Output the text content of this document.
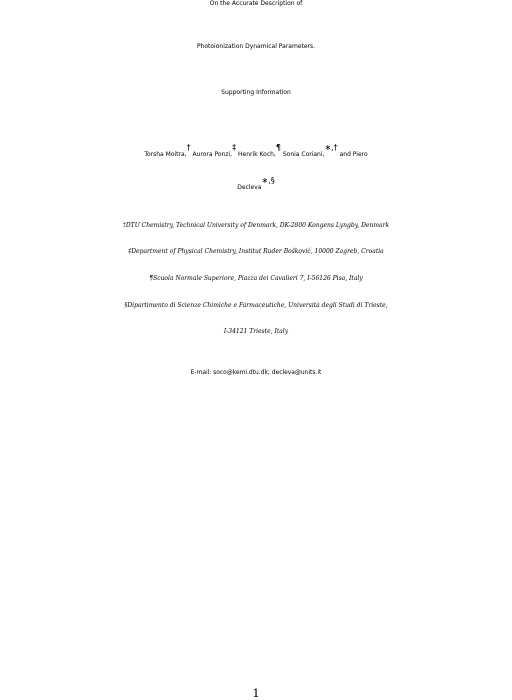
On the Accurate Description of
Photoionization Dynamical Parameters.
Supporting Information
Torsha Moitra,† Aurora Ponzi,‡ Henrik Koch,¶ Sonia Coriani,∗,† and Piero
Decleva∗,§
†DTU Chemistry, Technical University of Denmark, DK-2800 Kongens Lyngby, Denmark
‡Department of Physical Chemistry, Institut Ruder Bošković, 10000 Zagreb, Croatia
¶Scuola Normale Superiore, Piazza dei Cavalieri 7, I-56126 Pisa, Italy
§Dipartimento di Scienze Chimiche e Farmaceutiche, Università degli Studi di Trieste,
I-34121 Trieste, Italy
E-mail: soco@kemi.dtu.dk; decleva@units.it
1
